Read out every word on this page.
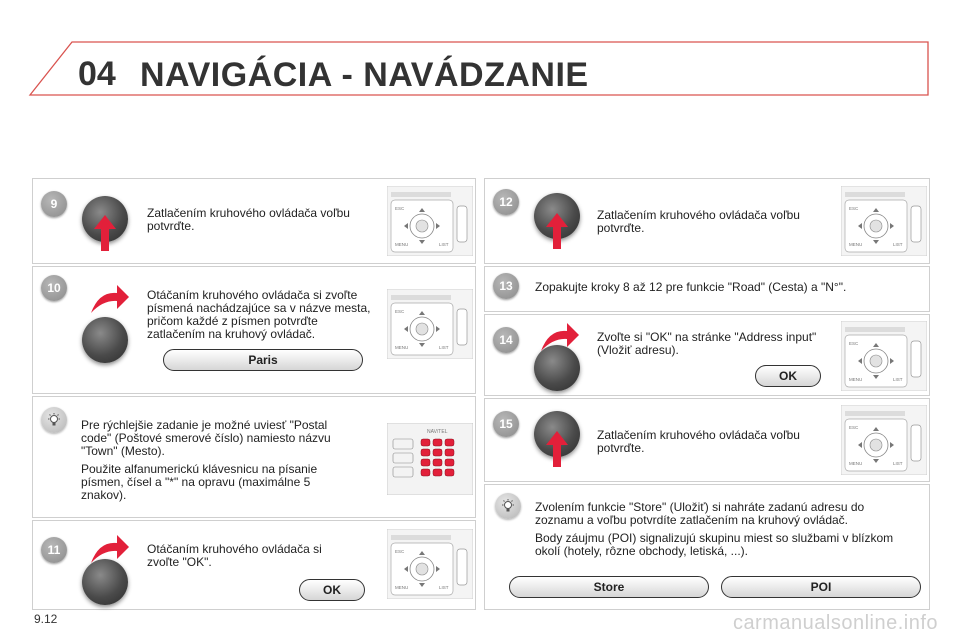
04 NAVIGÁCIA - NAVÁDZANIE
9
Zatlačením kruhového ovládača voľbu potvrďte.
ESC
MENU	LIST
10	Otáčaním kruhového ovládača si zvoľte písmená nachádzajúce sa v názve mesta, pričom každé z písmen potvrďte zatlačením na kruhový ovládač.
Paris
ESC
MENU	LIST

Pre rýchlejšie zadanie je možné uviesť "Postal code" (Poštové smerové číslo) namiesto názvu "Town" (Mesto).

Použite alfanumerickú klávesnicu na písanie písmen, čísel a "*" na opravu (maximálne 5 znakov).

NAV/TEL
11	Otáčaním kruhového ovládača si zvoľte "OK".
OK
ESC
MENU	LIST
12
Zatlačením kruhového ovládača voľbu potvrďte.
ESC
MENU	LIST
13	Zopakujte kroky 8 až 12 pre funkcie "Road" (Cesta) a "N°".
14	Zvoľte si "OK" na stránke "Address input" (Vložiť adresu).
OK
ESC
MENU	LIST
15
Zatlačením kruhového ovládača voľbu potvrďte.
ESC
MENU	LIST

Zvolením funkcie "Store" (Uložiť) si nahráte zadanú adresu do zoznamu a voľbu potvrdíte zatlačením na kruhový ovládač.

Body záujmu (POI) signalizujú skupinu miest so službami v blízkom okolí (hotely, rôzne obchody, letiská, ...).

Store	POI
9.12	carmanualsonline.info
